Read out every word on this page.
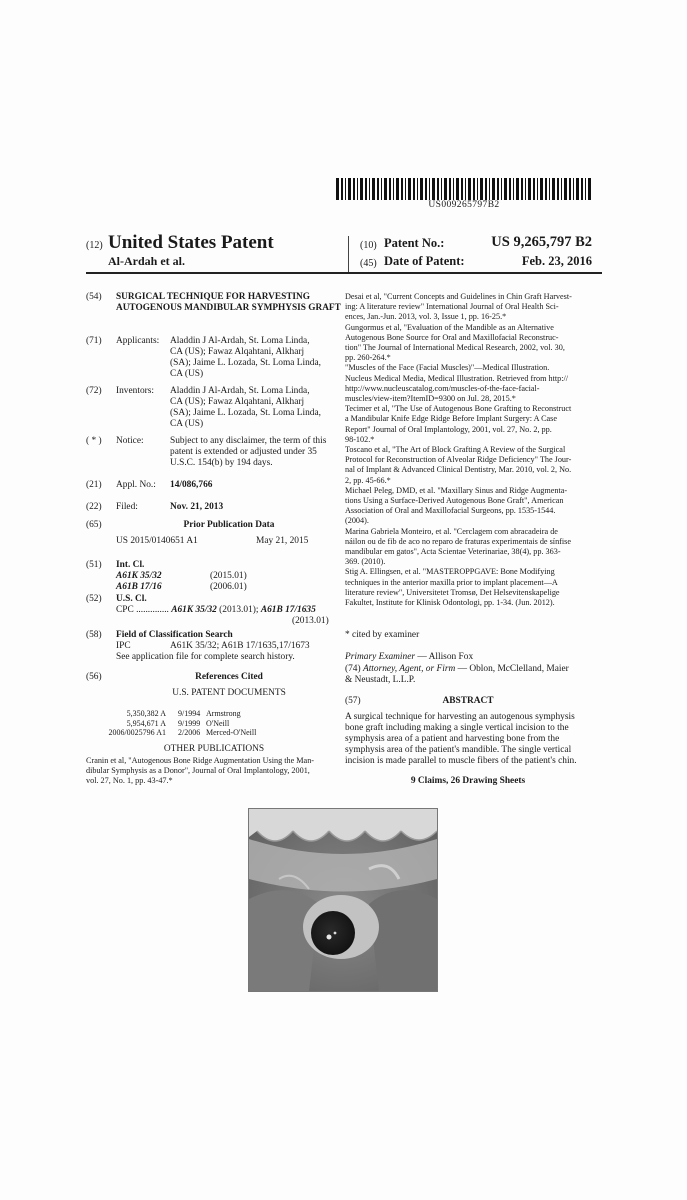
US009265797B2
(12) United States Patent
Al-Ardah et al.
(10) Patent No.:	US 9,265,797 B2
(45) Date of Patent:	Feb. 23, 2016
(54)	SURGICAL TECHNIQUE FOR HARVESTING AUTOGENOUS MANDIBULAR SYMPHYSIS GRAFT
(71)	Applicants: Aladdin J Al-Ardah, St. Loma Linda,
CA (US); Fawaz Alqahtani, Alkharj
(SA); Jaime L. Lozada, St. Loma Linda,
CA (US)
(72)	Inventors: Aladdin J Al-Ardah, St. Loma Linda,
CA (US); Fawaz Alqahtani, Alkharj
(SA); Jaime L. Lozada, St. Loma Linda,
CA (US)
( * )	Notice:	Subject to any disclaimer, the term of this
patent is extended or adjusted under 35
U.S.C. 154(b) by 194 days.
(21)	Appl. No.: 14/086,766
(22)	Filed:	Nov. 21, 2013
(65)	Prior Publication Data
US 2015/0140651 A1	May 21, 2015
(51)	Int. Cl.
A61K 35/32	(2015.01)
A61B 17/16	(2006.01)
(52)	U.S. Cl.
CPC .............. A61K 35/32 (2013.01); A61B 17/1635
(2013.01)
(58)	Field of Classification Search
IPC	A61K 35/32; A61B 17/1635,17/1673
See application file for complete search history.
(56)	References Cited
U.S. PATENT DOCUMENTS
5,350,382 A 9/1994 Armstrong
5,954,671 A 9/1999 O'Neill
2006/0025796 A1 2/2006 Merced-O'Neill
OTHER PUBLICATIONS
Cranin et al, "Autogenous Bone Ridge Augmentation Using the Man-
dibular Symphysis as a Donor", Journal of Oral Implantology, 2001,
vol. 27, No. 1, pp. 43-47.*
Desai et al, "Current Concepts and Guidelines in Chin Graft Harvest-
ing: A literature review" International Journal of Oral Health Sci-
ences, Jan.-Jun. 2013, vol. 3, Issue 1, pp. 16-25.*
Gungormus et al, "Evaluation of the Mandible as an Alternative
Autogenous Bone Source for Oral and Maxillofacial Reconstruc-
tion" The Journal of International Medical Research, 2002, vol. 30,
pp. 260-264.*
"Muscles of the Face (Facial Muscles)"—Medical Illustration.
Nucleus Medical Media, Medical Illustration. Retrieved from http://
http://www.nucleuscatalog.com/muscles-of-the-face-facial-
muscles/view-item?ItemID=9300 on Jul. 28, 2015.*
Tecimer et al, "The Use of Autogenous Bone Grafting to Reconstruct
a Mandibular Knife Edge Ridge Before Implant Surgery: A Case
Report" Journal of Oral Implantology, 2001, vol. 27, No. 2, pp.
98-102.*
Toscano et al, "The Art of Block Grafting A Review of the Surgical
Protocol for Reconstruction of Alveolar Ridge Deficiency" The Jour-
nal of Implant & Advanced Clinical Dentistry, Mar. 2010, vol. 2, No.
2, pp. 45-66.*
Michael Peleg, DMD, et al. "Maxillary Sinus and Ridge Augmenta-
tions Using a Surface-Derived Autogenous Bone Graft", American
Association of Oral and Maxillofacial Surgeons, pp. 1535-1544.
(2004).
Marina Gabriela Monteiro, et al. "Cerclagem com abracadeira de
náilon ou de fib de aco no reparo de fraturas experimentais de sínfise
mandibular em gatos", Acta Scientae Veterinariae, 38(4), pp. 363-
369. (2010).
Stig A. Ellingsen, et al. "MASTEROPPGAVE: Bone Modifying
techniques in the anterior maxilla prior to implant placement—A
literature review", Universitetet Tromsø, Det Helsevitenskapelige
Fakultet, Institute for Klinisk Odontologi, pp. 1-34. (Jun. 2012).
* cited by examiner
Primary Examiner — Allison Fox
(74) Attorney, Agent, or Firm — Oblon, McClelland, Maier
& Neustadt, L.L.P.
(57)	ABSTRACT
A surgical technique for harvesting an autogenous symphysis
bone graft including making a single vertical incision to the
symphysis area of a patient and harvesting bone from the
symphysis area of the patient's mandible. The single vertical
incision is made parallel to muscle fibers of the patient's chin.
9 Claims, 26 Drawing Sheets
